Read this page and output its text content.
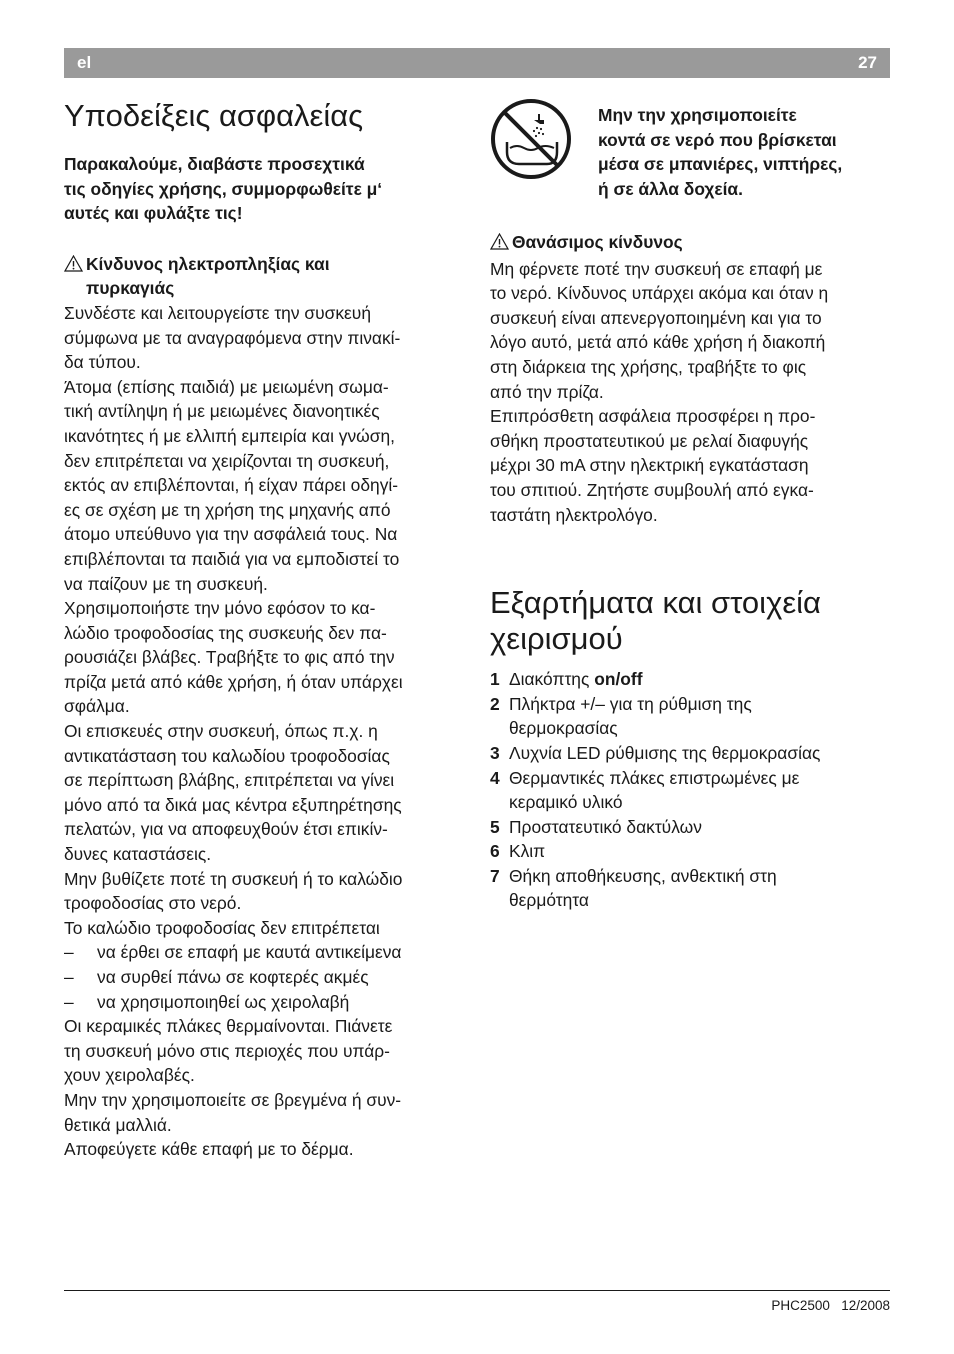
el	27
Υποδείξεις ασφαλείας
Παρακαλούμε, διαβάστε προσεχτικά
τις οδηγίες χρήσης, συμμορφωθείτε μ‘
αυτές και φυλάξτε τις!
Κίνδυνος ηλεκτροπληξίας και
πυρκαγιάς
Συνδέστε και λειτουργείστε την συσκευή
σύμφωνα με τα αναγραφόμενα στην πινακί-
δα τύπου.
Άτομα (επίσης παιδιά) με μειωμένη σωμα-
τική αντίληψη ή με μειωμένες διανοητικές
ικανότητες ή με ελλιπή εμπειρία και γνώση,
δεν επιτρέπεται να χειρίζονται τη συσκευή,
εκτός αν επιβλέπονται, ή είχαν πάρει οδηγί-
ες σε σχέση με τη χρήση της μηχανής από
άτομο υπεύθυνο για την ασφάλειά τους. Να
επιβλέπονται τα παιδιά για να εμποδιστεί το
να παίζουν με τη συσκευή.
Χρησιμοποιήστε την μόνο εφόσον το κα-
λώδιο τροφοδοσίας της συσκευής δεν πα-
ρουσιάζει βλάβες. Τραβήξτε το φις από την
πρίζα μετά από κάθε χρήση, ή όταν υπάρχει
σφάλμα.
Οι επισκευές στην συσκευή, όπως π.χ. η
αντικατάσταση του καλωδίου τροφοδοσίας
σε περίπτωση βλάβης, επιτρέπεται να γίνει
μόνο από τα δικά μας κέντρα εξυπηρέτησης
πελατών, για να αποφευχθούν έτσι επικίν-
δυνες καταστάσεις.
Μην βυθίζετε ποτέ τη συσκευή ή το καλώδιο
τροφοδοσίας στο νερό.
Το καλώδιο τροφοδοσίας δεν επιτρέπεται
–	να έρθει σε επαφή με καυτά αντικείμενα
–	να συρθεί πάνω σε κοφτερές ακμές
–	να χρησιμοποιηθεί ως χειρολαβή
Οι κεραμικές πλάκες θερμαίνονται. Πιάνετε
τη συσκευή μόνο στις περιοχές που υπάρ-
χουν χειρολαβές.
Μην την χρησιμοποιείτε σε βρεγμένα ή συν-
θετικά μαλλιά.
Αποφεύγετε κάθε επαφή με το δέρμα.
Μην την χρησιμοποιείτε
κοντά σε νερό που βρίσκεται
μέσα σε μπανιέρες, νιπτήρες,
ή σε άλλα δοχεία.
Θανάσιμος κίνδυνος
Μη φέρνετε ποτέ την συσκευή σε επαφή με
το νερό. Κίνδυνος υπάρχει ακόμα και όταν η
συσκευή είναι απενεργοποιημένη και για το
λόγο αυτό, μετά από κάθε χρήση ή διακοπή
στη διάρκεια της χρήσης, τραβήξτε το φις
από την πρίζα.
Επιπρόσθετη ασφάλεια προσφέρει η προ-
σθήκη προστατευτικού με ρελαί διαφυγής
μέχρι 30 mA στην ηλεκτρική εγκατάσταση
του σπιτιού. Ζητήστε συμβουλή από εγκα-
ταστάτη ηλεκτρολόγο.
Εξαρτήματα και στοιχεία
χειρισμού
1 Διακόπτης on/off
2 Πλήκτρα +/– για τη ρύθμιση της
θερμοκρασίας
3 Λυχνία LED ρύθμισης της θερμοκρασίας
4 Θερμαντικές πλάκες επιστρωμένες με
κεραμικό υλικό
5 Προστατευτικό δακτύλων
6 Κλιπ
7 Θήκη αποθήκευσης, ανθεκτική στη
θερμότητα
PHC2500 12/2008
